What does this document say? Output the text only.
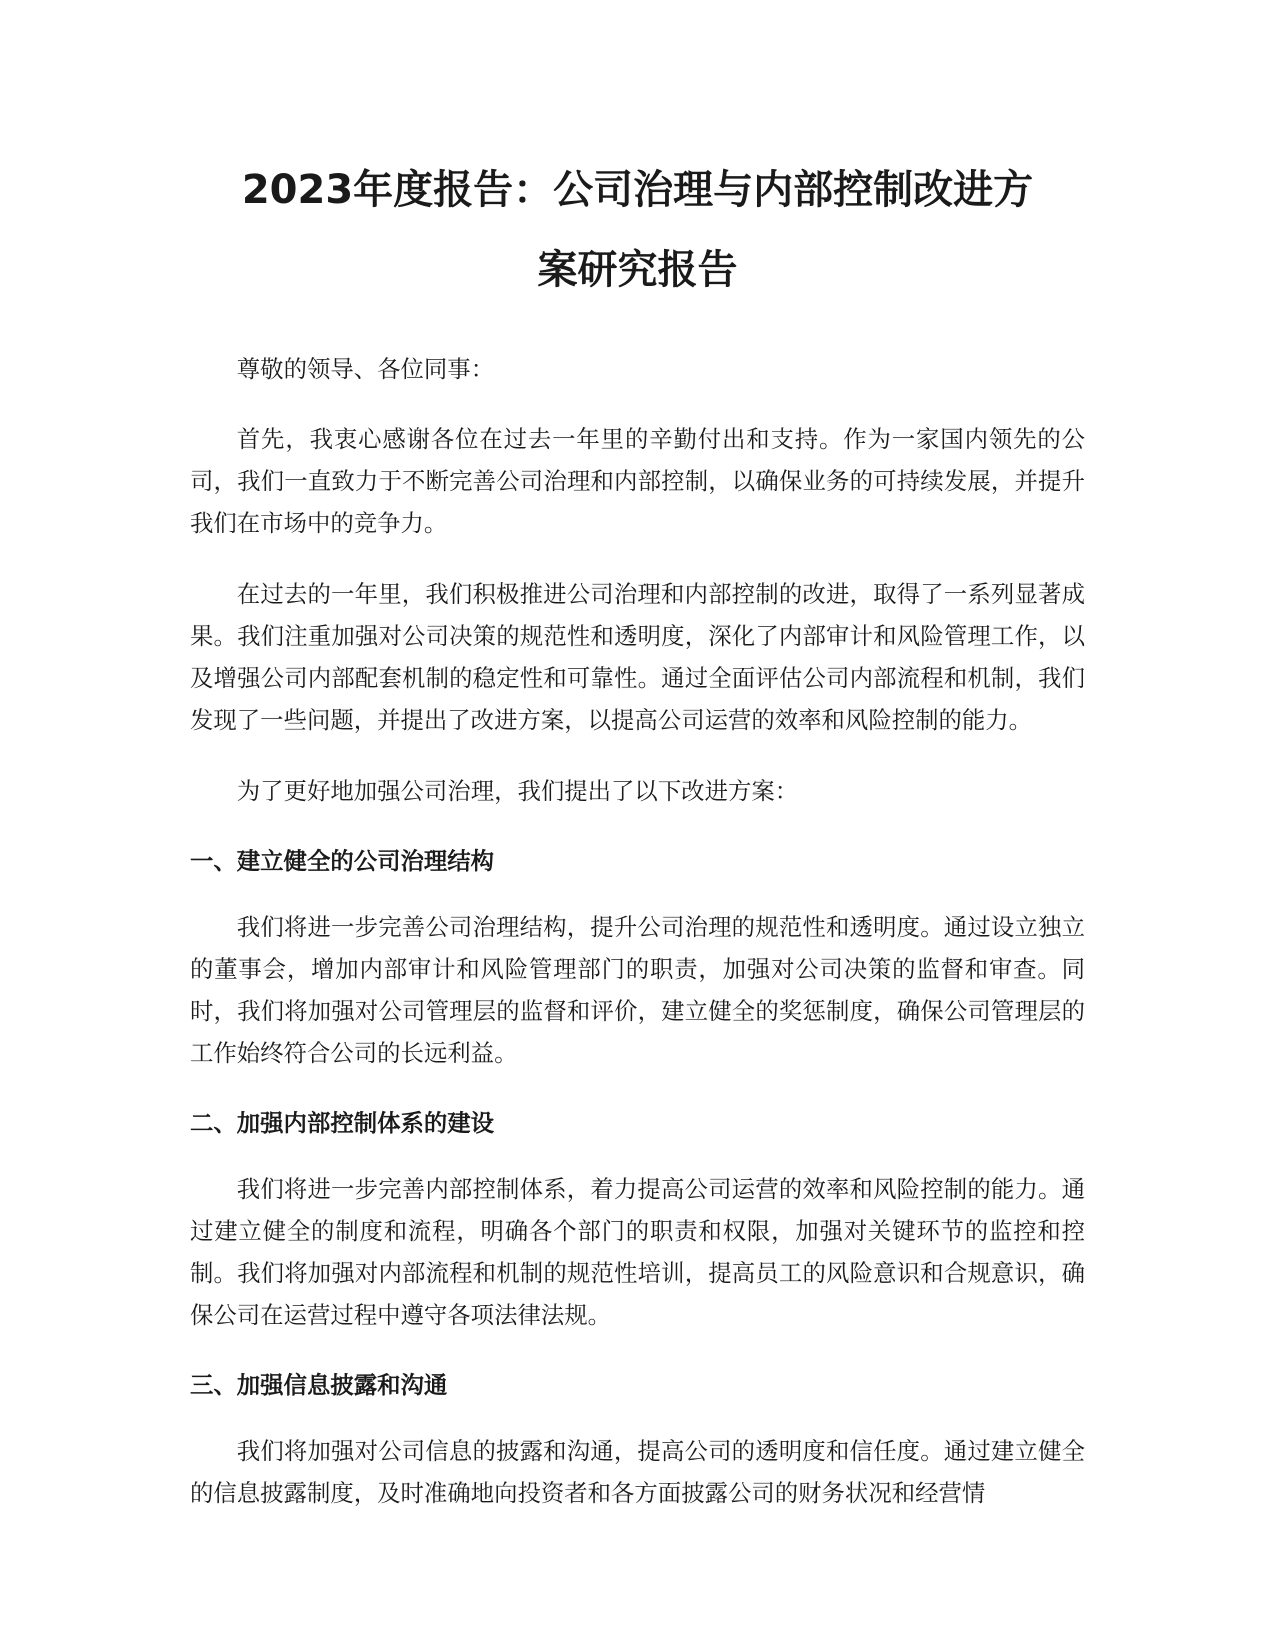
2023年度报告：公司治理与内部控制改进方
案研究报告

尊敬的领导、各位同事：

首先，我衷心感谢各位在过去一年里的辛勤付出和支持。作为一家国内领先的公司，我们一直致力于不断完善公司治理和内部控制，以确保业务的可持续发展，并提升我们在市场中的竞争力。

在过去的一年里，我们积极推进公司治理和内部控制的改进，取得了一系列显著成果。我们注重加强对公司决策的规范性和透明度，深化了内部审计和风险管理工作，以及增强公司内部配套机制的稳定性和可靠性。通过全面评估公司内部流程和机制，我们发现了一些问题，并提出了改进方案，以提高公司运营的效率和风险控制的能力。

为了更好地加强公司治理，我们提出了以下改进方案：

一、建立健全的公司治理结构

我们将进一步完善公司治理结构，提升公司治理的规范性和透明度。通过设立独立的董事会，增加内部审计和风险管理部门的职责，加强对公司决策的监督和审查。同时，我们将加强对公司管理层的监督和评价，建立健全的奖惩制度，确保公司管理层的工作始终符合公司的长远利益。

二、加强内部控制体系的建设

我们将进一步完善内部控制体系，着力提高公司运营的效率和风险控制的能力。通过建立健全的制度和流程，明确各个部门的职责和权限，加强对关键环节的监控和控制。我们将加强对内部流程和机制的规范性培训，提高员工的风险意识和合规意识，确保公司在运营过程中遵守各项法律法规。

三、加强信息披露和沟通

我们将加强对公司信息的披露和沟通，提高公司的透明度和信任度。通过建立健全的信息披露制度，及时准确地向投资者和各方面披露公司的财务状况和经营情
